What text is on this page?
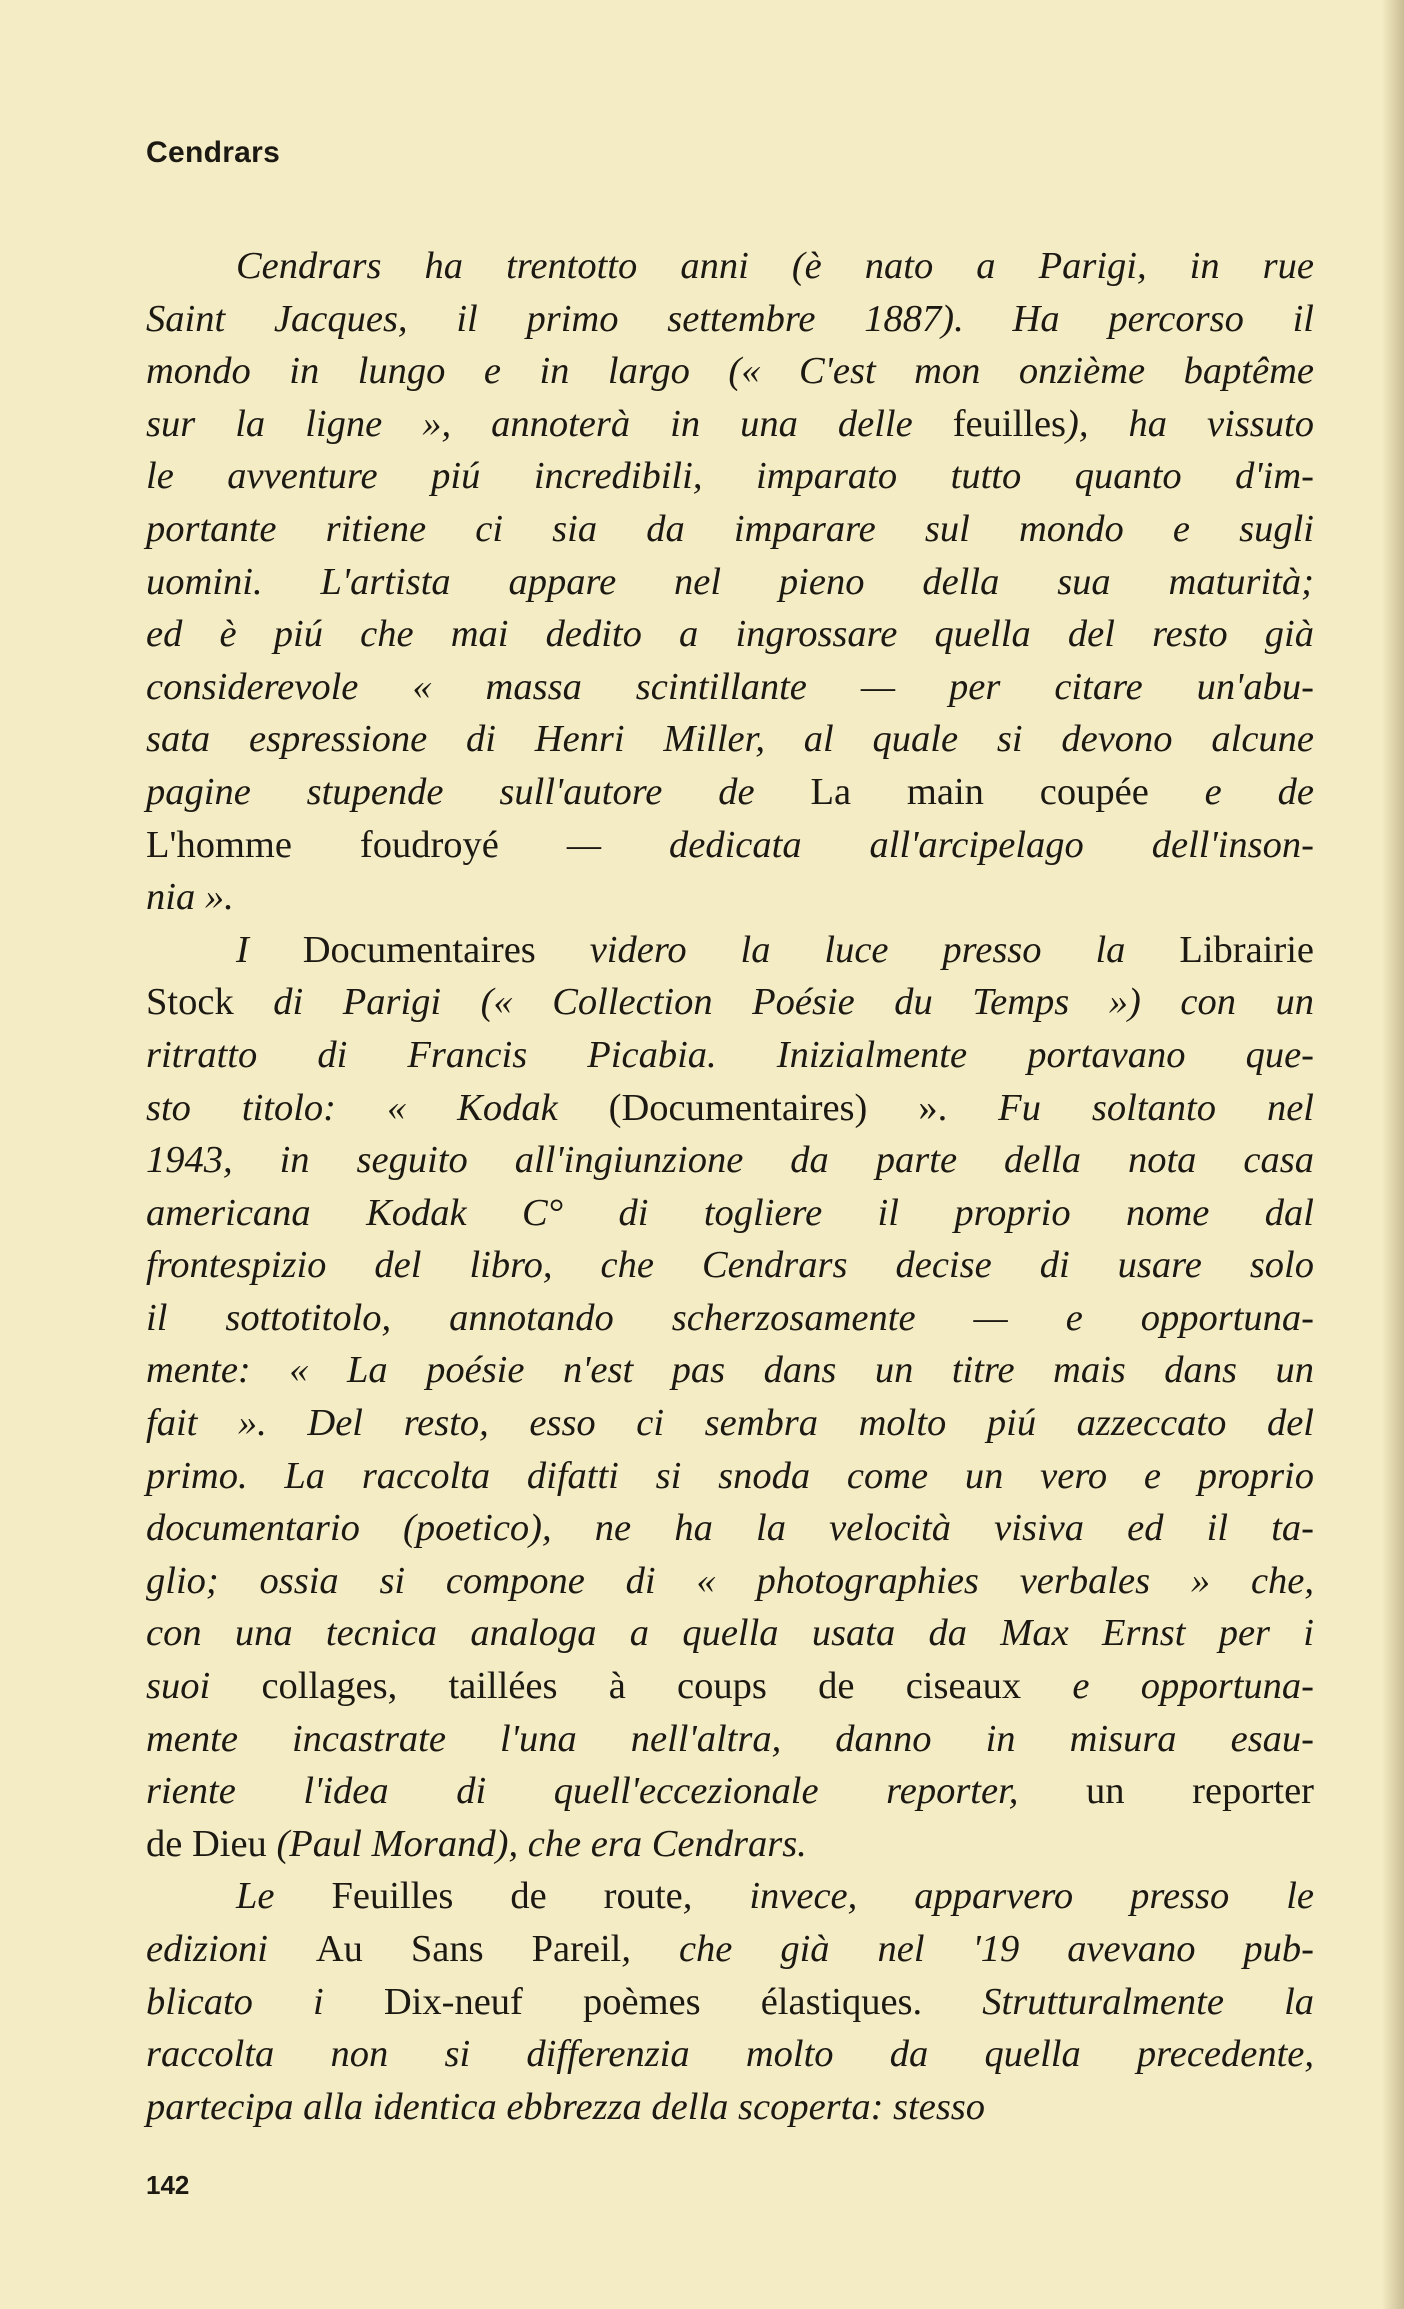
Cendrars
Cendrars ha trentotto anni (è nato a Parigi, in rue
Saint Jacques, il primo settembre 1887). Ha percorso il
mondo in lungo e in largo (« C'est mon onzième baptême
sur la ligne », annoterà in una delle feuilles), ha vissuto
le avventure piú incredibili, imparato tutto quanto d'im-
portante ritiene ci sia da imparare sul mondo e sugli
uomini. L'artista appare nel pieno della sua maturità;
ed è piú che mai dedito a ingrossare quella del resto già
considerevole « massa scintillante — per citare un'abu-
sata espressione di Henri Miller, al quale si devono alcune
pagine stupende sull'autore de La main coupée e de
L'homme foudroyé — dedicata all'arcipelago dell'inson-
nia ».
I Documentaires videro la luce presso la Librairie
Stock di Parigi (« Collection Poésie du Temps ») con un
ritratto di Francis Picabia. Inizialmente portavano que-
sto titolo: « Kodak (Documentaires) ». Fu soltanto nel
1943, in seguito all'ingiunzione da parte della nota casa
americana Kodak C° di togliere il proprio nome dal
frontespizio del libro, che Cendrars decise di usare solo
il sottotitolo, annotando scherzosamente — e opportuna-
mente: « La poésie n'est pas dans un titre mais dans un
fait ». Del resto, esso ci sembra molto piú azzeccato del
primo. La raccolta difatti si snoda come un vero e proprio
documentario (poetico), ne ha la velocità visiva ed il ta-
glio; ossia si compone di « photographies verbales » che,
con una tecnica analoga a quella usata da Max Ernst per i
suoi collages, taillées à coups de ciseaux e opportuna-
mente incastrate l'una nell'altra, danno in misura esau-
riente l'idea di quell'eccezionale reporter, un reporter
de Dieu (Paul Morand), che era Cendrars.
Le Feuilles de route, invece, apparvero presso le
edizioni Au Sans Pareil, che già nel '19 avevano pub-
blicato i Dix-neuf poèmes élastiques. Strutturalmente la
raccolta non si differenzia molto da quella precedente,
partecipa alla identica ebbrezza della scoperta: stesso
142
